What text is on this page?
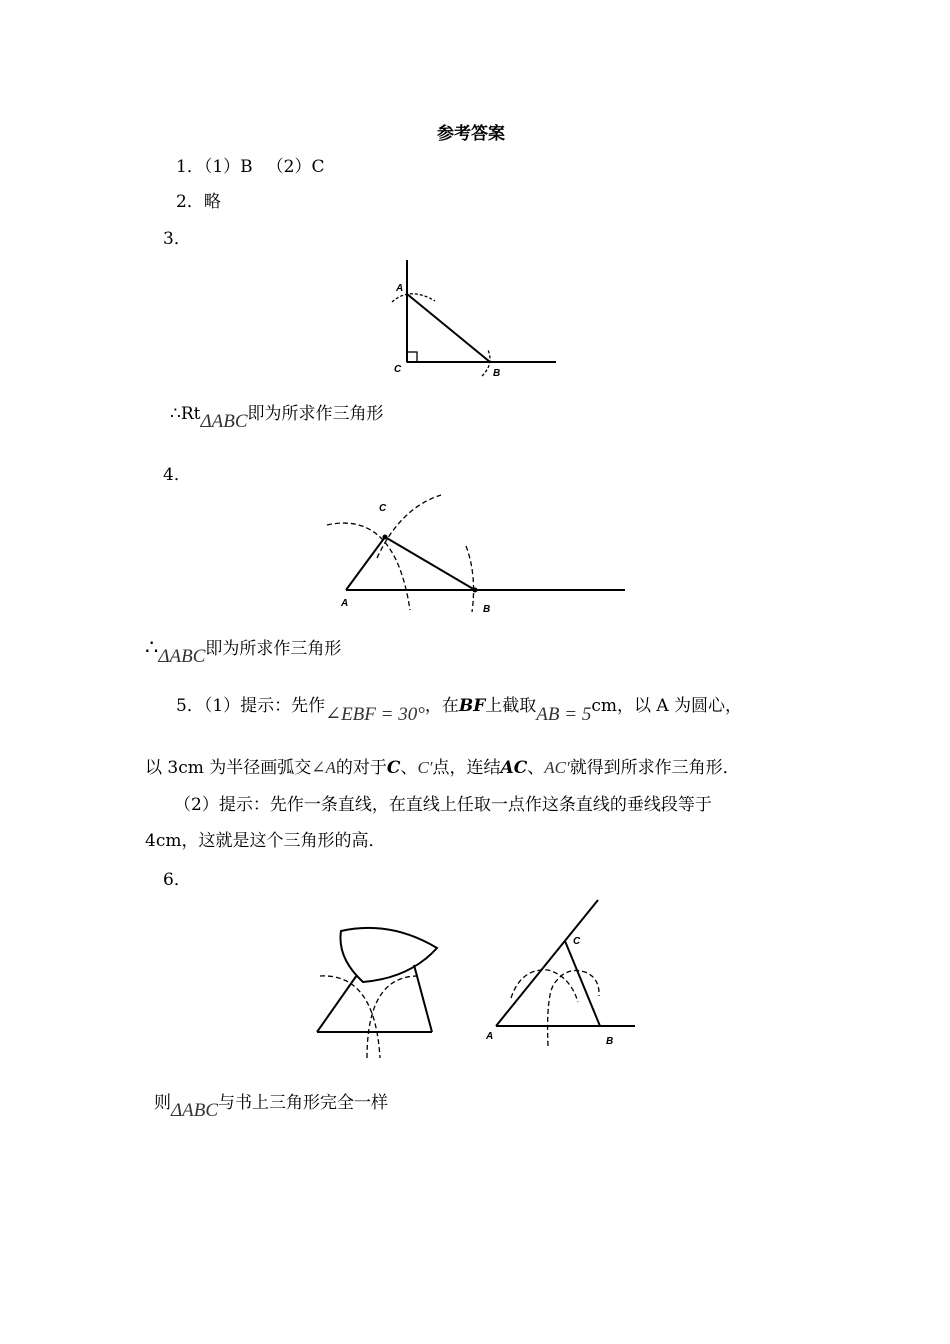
参考答案
1．（1）B （2）C
2．略
3．
A
C	B
∴RtΔABC即为所求作三角形
4．
C
A
B
∴ΔABC即为所求作三角形
5．（1）提示：先作∠EBF = 30°，在BF上截取AB = 5cm，以 A 为圆心，
以 3cm 为半径画弧交∠A的对于C、C′点，连结AC、AC′就得到所求作三角形．
（2）提示：先作一条直线，在直线上任取一点作这条直线的垂线段等于
4cm，这就是这个三角形的高．
6．
C
A	B
则ΔABC与书上三角形完全一样
